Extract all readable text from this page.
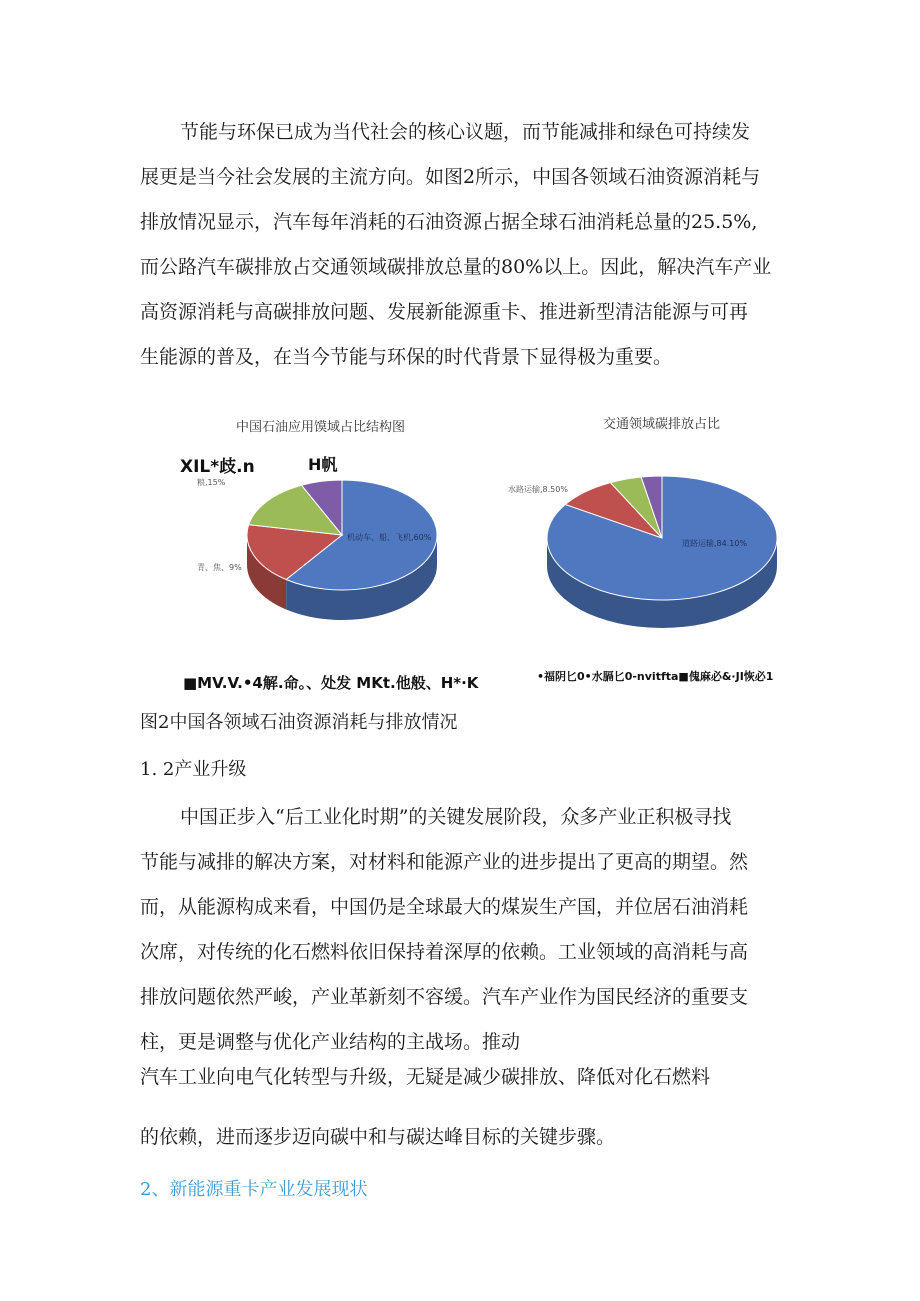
节能与环保已成为当代社会的核心议题，而节能减排和绿色可持续发

展更是当今社会发展的主流方向。如图2所示，中国各领域石油资源消耗与

排放情况显示，汽车每年消耗的石油资源占据全球石油消耗总量的25.5%,

而公路汽车碳排放占交通领域碳排放总量的80%以上。因此，解决汽车产业

高资源消耗与高碳排放问题、发展新能源重卡、推进新型清洁能源与可再

生能源的普及，在当今节能与环保的时代背景下显得极为重要。

中国石油应用馍域占比结构图
XIL*歧.n	H帆
机动车、船、飞机,60%
青、焦、9%
粮,15%
■MV.V.•4解.命。、处发 MKt.他般、H*·K
交通领域碳排放占比
道路运输,84.10%
水路运输,8.50%
•福阴匕0•水膈匕0-nvitfta■傀麻必&·JI恢必1
图2中国各领域石油资源消耗与排放情况
1. 2产业升级

中国正步入“后工业化时期”的关键发展阶段，众多产业正积极寻找

节能与减排的解决方案，对材料和能源产业的进步提出了更高的期望。然

而，从能源构成来看，中国仍是全球最大的煤炭生产国，并位居石油消耗

次席，对传统的化石燃料依旧保持着深厚的依赖。工业领域的高消耗与高

排放问题依然严峻，产业革新刻不容缓。汽车产业作为国民经济的重要支

柱，更是调整与优化产业结构的主战场。推动

汽车工业向电气化转型与升级，无疑是减少碳排放、降低对化石燃料

的依赖，进而逐步迈向碳中和与碳达峰目标的关键步骤。

2、新能源重卡产业发展现状
